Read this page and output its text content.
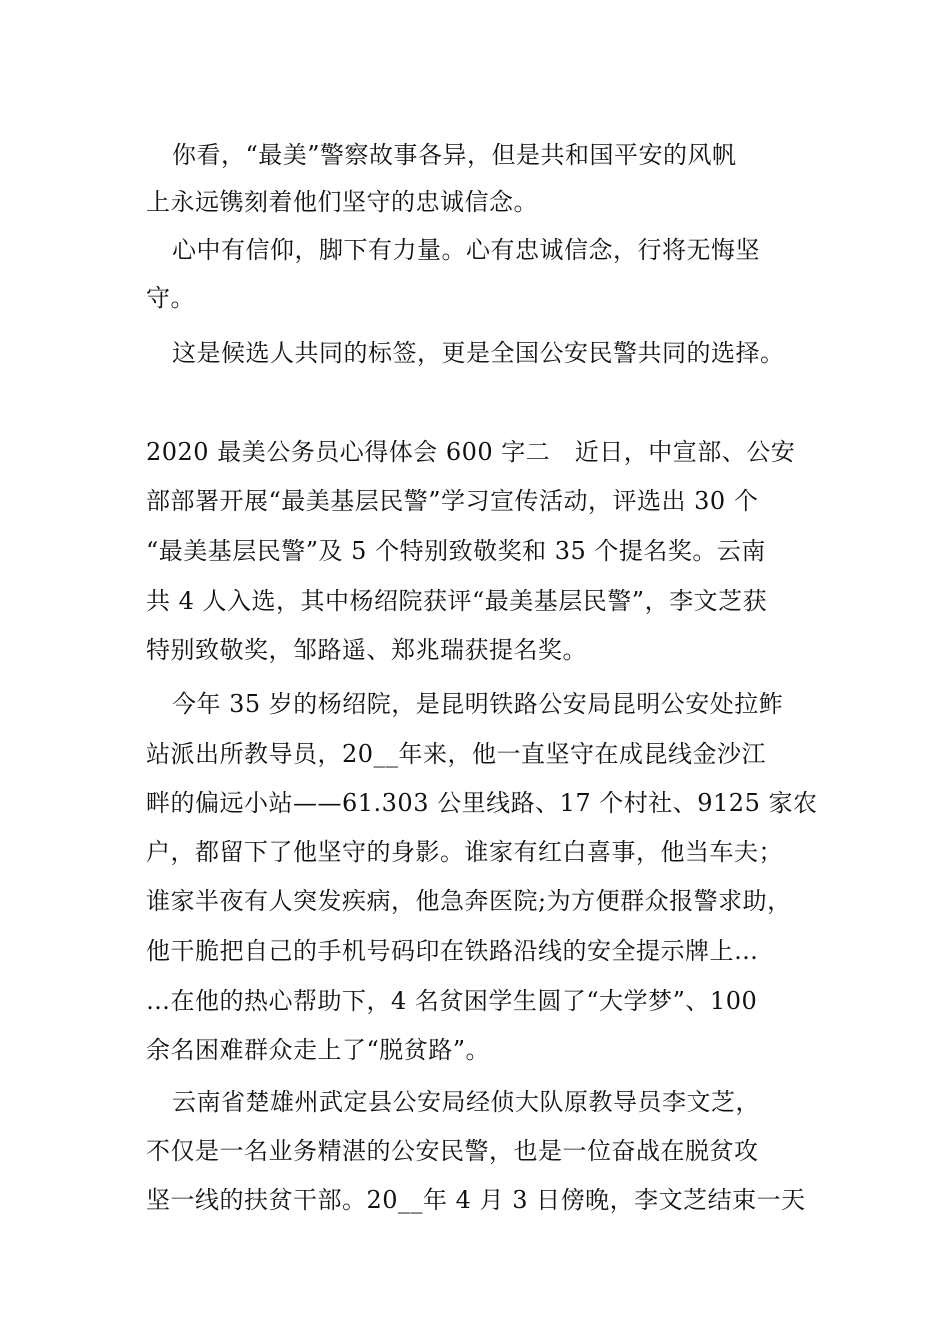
你看，“最美”警察故事各异，但是共和国平安的风帆
上永远镌刻着他们坚守的忠诚信念。
心中有信仰，脚下有力量。心有忠诚信念，行将无悔坚
守。
这是候选人共同的标签，更是全国公安民警共同的选择。
2020 最美公务员心得体会 600 字二　近日，中宣部、公安
部部署开展“最美基层民警”学习宣传活动，评选出 30 个
“最美基层民警”及 5 个特别致敬奖和 35 个提名奖。云南
共 4 人入选，其中杨绍院获评“最美基层民警”，李文芝获
特别致敬奖，邹路遥、郑兆瑞获提名奖。
今年 35 岁的杨绍院，是昆明铁路公安局昆明公安处拉鲊
站派出所教导员，20__年来，他一直坚守在成昆线金沙江
畔的偏远小站——61.303 公里线路、17 个村社、9125 家农
户，都留下了他坚守的身影。谁家有红白喜事，他当车夫；
谁家半夜有人突发疾病，他急奔医院;为方便群众报警求助，
他干脆把自己的手机号码印在铁路沿线的安全提示牌上…
…在他的热心帮助下，4 名贫困学生圆了“大学梦”、100
余名困难群众走上了“脱贫路”。
云南省楚雄州武定县公安局经侦大队原教导员李文芝，
不仅是一名业务精湛的公安民警，也是一位奋战在脱贫攻
坚一线的扶贫干部。20__年 4 月 3 日傍晚，李文芝结束一天
